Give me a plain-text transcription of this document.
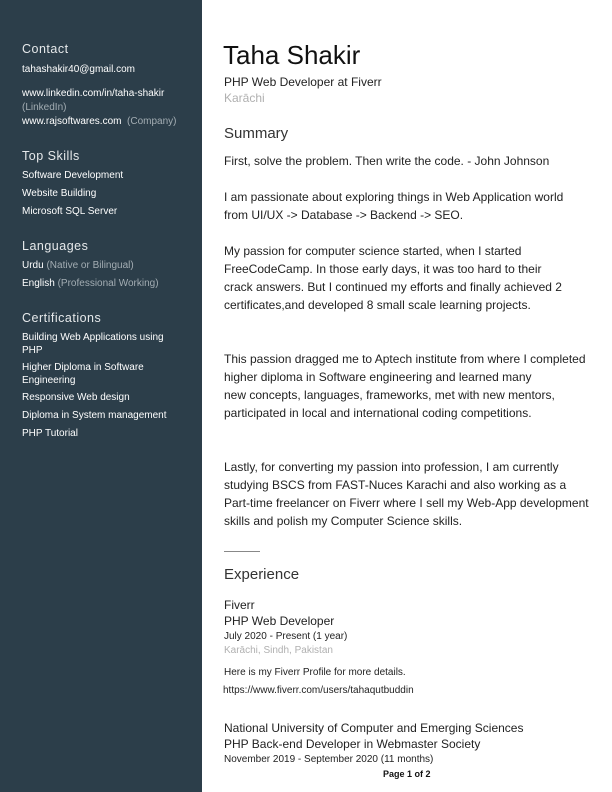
Contact
tahashakir40@gmail.com
www.linkedin.com/in/taha-shakir
(LinkedIn)
www.rajsoftwares.com (Company)
Top Skills
Software Development
Website Building
Microsoft SQL Server
Languages
Urdu (Native or Bilingual)
English (Professional Working)
Certifications
Building Web Applications using
PHP
Higher Diploma in Software
Engineering
Responsive Web design
Diploma in System management
PHP Tutorial
Taha Shakir
PHP Web Developer at Fiverr
Karāchi
Summary
First, solve the problem. Then write the code. - John Johnson
I am passionate about exploring things in Web Application world
from UI/UX -> Database -> Backend -> SEO.
My passion for computer science started, when I started
FreeCodeCamp. In those early days, it was too hard to their
crack answers. But I continued my efforts and finally achieved 2
certificates,and developed 8 small scale learning projects.
This passion dragged me to Aptech institute from where I completed
higher diploma in Software engineering and learned many
new concepts, languages, frameworks, met with new mentors,
participated in local and international coding competitions.
Lastly, for converting my passion into profession, I am currently
studying BSCS from FAST-Nuces Karachi and also working as a
Part-time freelancer on Fiverr where I sell my Web-App development
skills and polish my Computer Science skills.
Experience
Fiverr
PHP Web Developer
July 2020 - Present (1 year)
Karāchi, Sindh, Pakistan
Here is my Fiverr Profile for more details.
https://www.fiverr.com/users/tahaqutbuddin
National University of Computer and Emerging Sciences
PHP Back-end Developer in Webmaster Society
November 2019 - September 2020 (11 months)
Page 1 of 2
